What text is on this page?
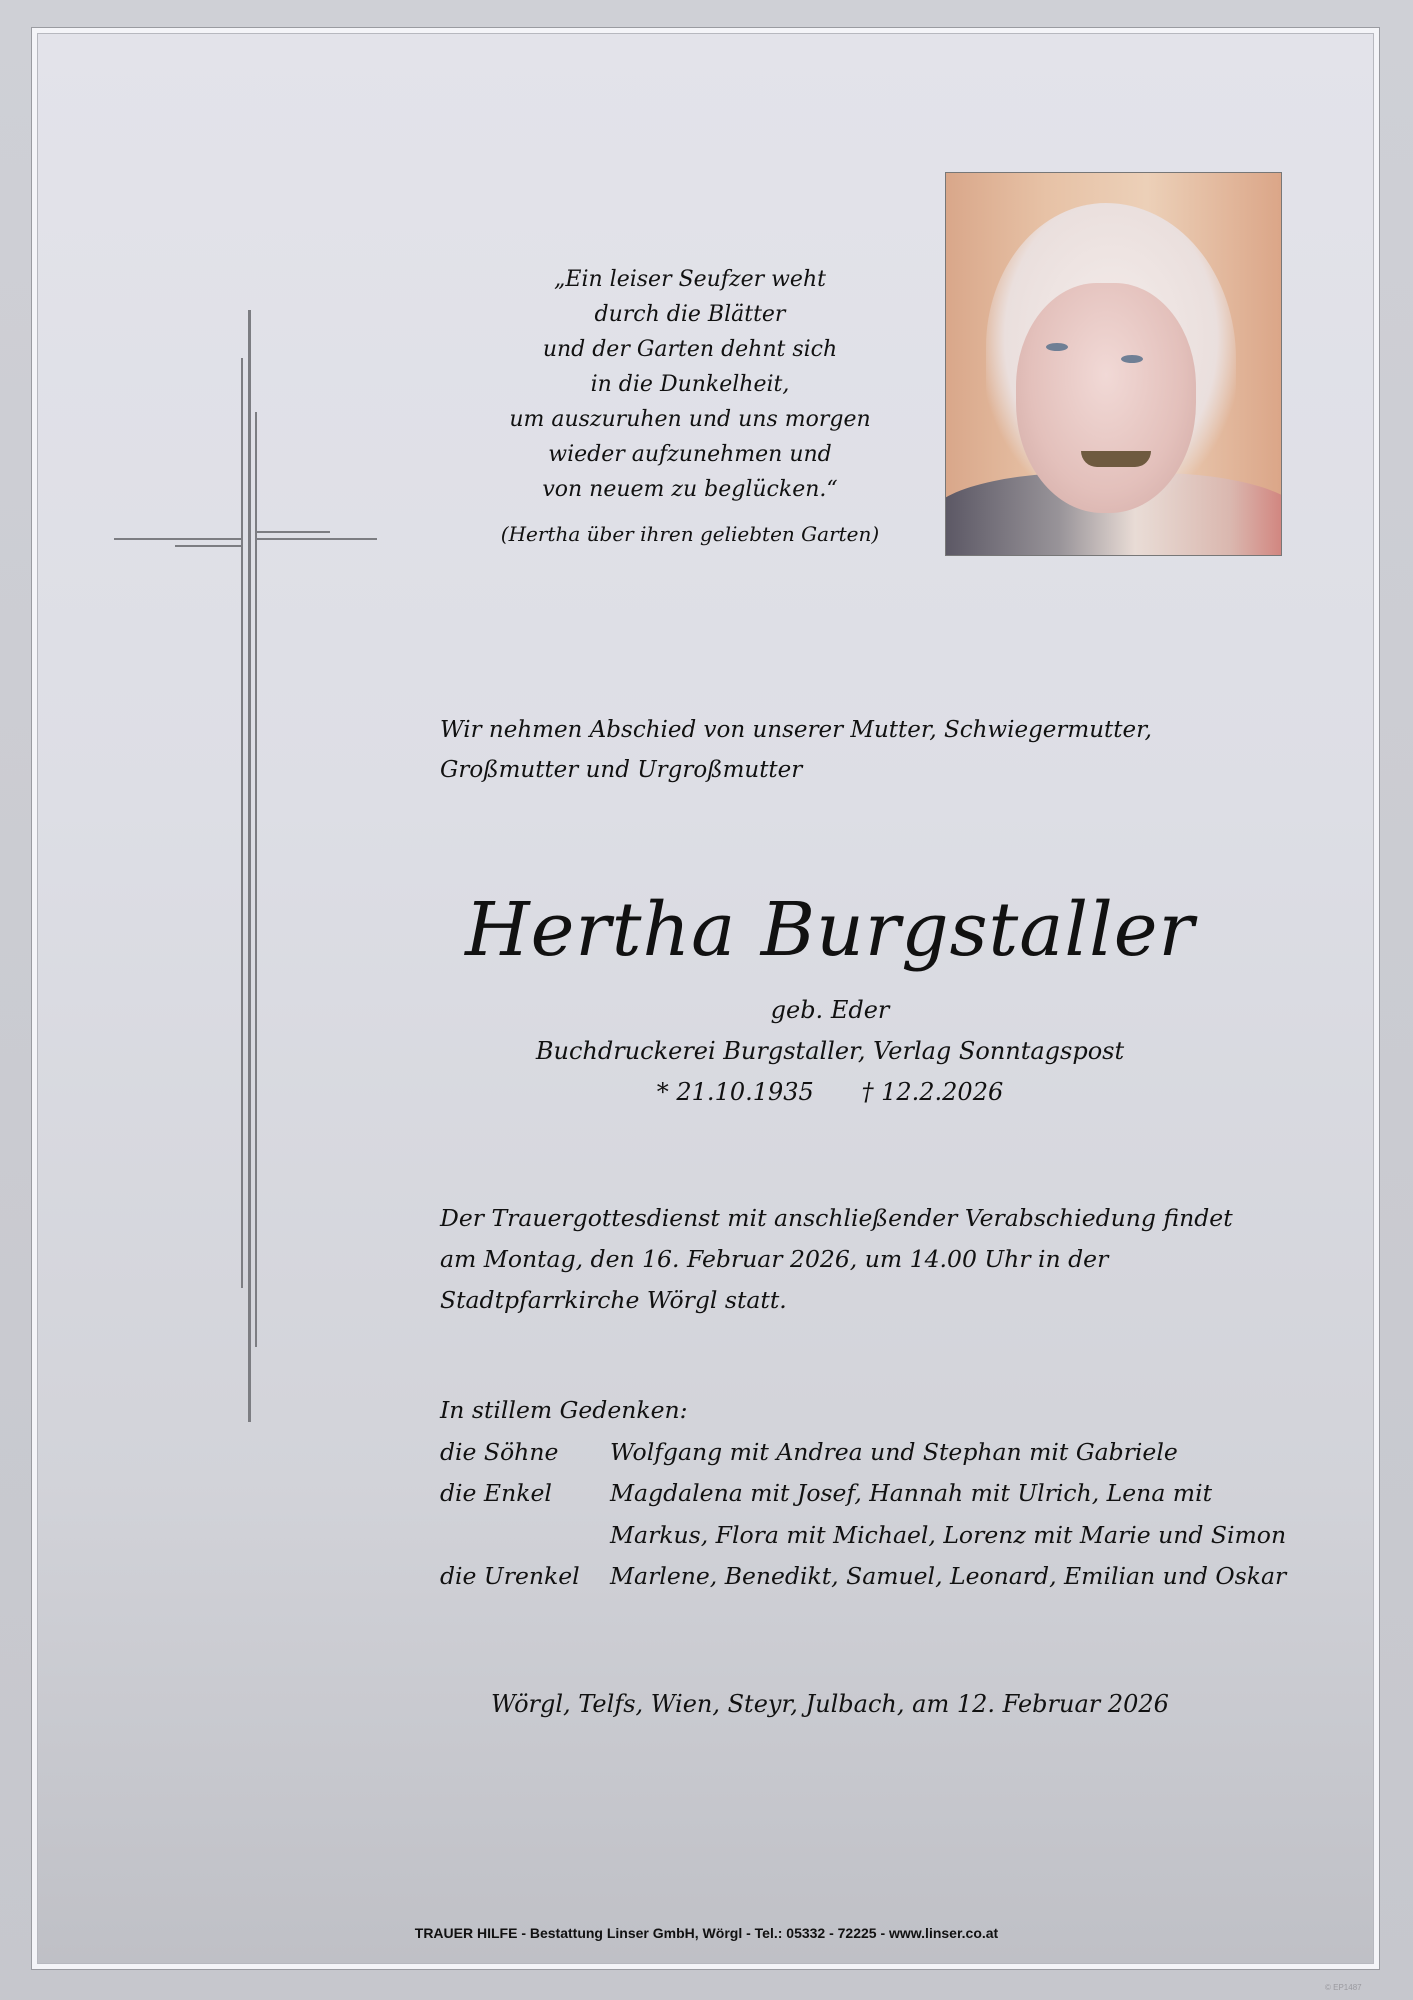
„Ein leiser Seufzer weht
durch die Blätter
und der Garten dehnt sich
in die Dunkelheit,
um auszuruhen und uns morgen
wieder aufzunehmen und
von neuem zu beglücken.“
(Hertha über ihren geliebten Garten)
Wir nehmen Abschied von unserer Mutter, Schwiegermutter,
Großmutter und Urgroßmutter
Hertha Burgstaller
geb. Eder
Buchdruckerei Burgstaller, Verlag Sonntagspost
* 21.10.1935 † 12.2.2026
Der Trauergottesdienst mit anschließender Verabschiedung findet
am Montag, den 16. Februar 2026, um 14.00 Uhr in der
Stadtpfarrkirche Wörgl statt.
In stillem Gedenken:
die Söhne	Wolfgang mit Andrea und Stephan mit Gabriele
die Enkel	Magdalena mit Josef, Hannah mit Ulrich, Lena mit
Markus, Flora mit Michael, Lorenz mit Marie und Simon
die Urenkel	Marlene, Benedikt, Samuel, Leonard, Emilian und Oskar
Wörgl, Telfs, Wien, Steyr, Julbach, am 12. Februar 2026
TRAUER HILFE - Bestattung Linser GmbH, Wörgl - Tel.: 05332 - 72225 - www.linser.co.at
© EP1487
